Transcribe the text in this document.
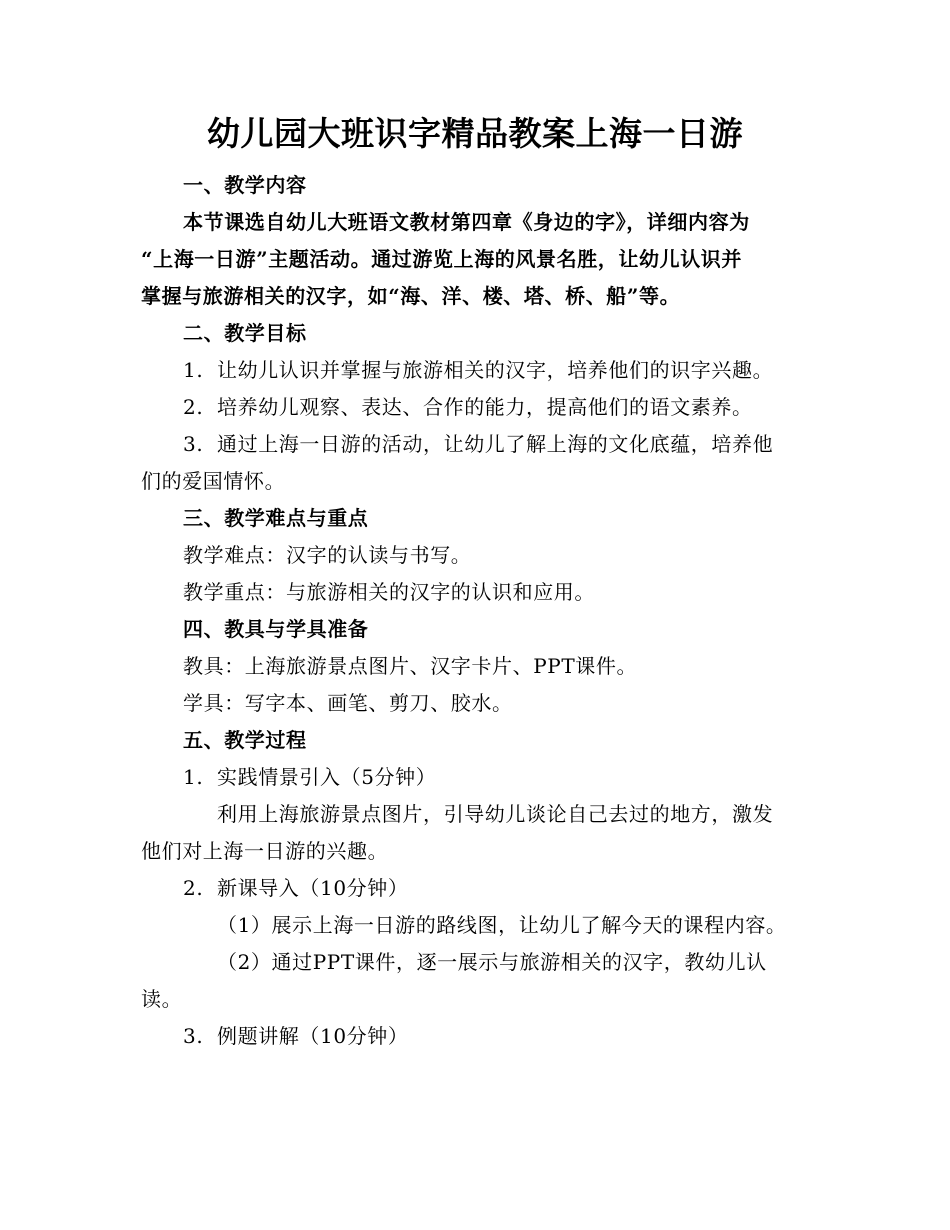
幼儿园大班识字精品教案上海一日游
一、教学内容
本节课选自幼儿大班语文教材第四章《身边的字》，详细内容为
“上海一日游”主题活动。通过游览上海的风景名胜，让幼儿认识并
掌握与旅游相关的汉字，如“海、洋、楼、塔、桥、船”等。
二、教学目标
1. 让幼儿认识并掌握与旅游相关的汉字，培养他们的识字兴趣。
2. 培养幼儿观察、表达、合作的能力，提高他们的语文素养。
3. 通过上海一日游的活动，让幼儿了解上海的文化底蕴，培养他
们的爱国情怀。
三、教学难点与重点
教学难点：汉字的认读与书写。
教学重点：与旅游相关的汉字的认识和应用。
四、教具与学具准备
教具：上海旅游景点图片、汉字卡片、PPT课件。
学具：写字本、画笔、剪刀、胶水。
五、教学过程
1. 实践情景引入（5分钟）
利用上海旅游景点图片，引导幼儿谈论自己去过的地方，激发
他们对上海一日游的兴趣。
2. 新课导入（10分钟）
（1）展示上海一日游的路线图，让幼儿了解今天的课程内容。
（2）通过PPT课件，逐一展示与旅游相关的汉字，教幼儿认
读。
3. 例题讲解（10分钟）
